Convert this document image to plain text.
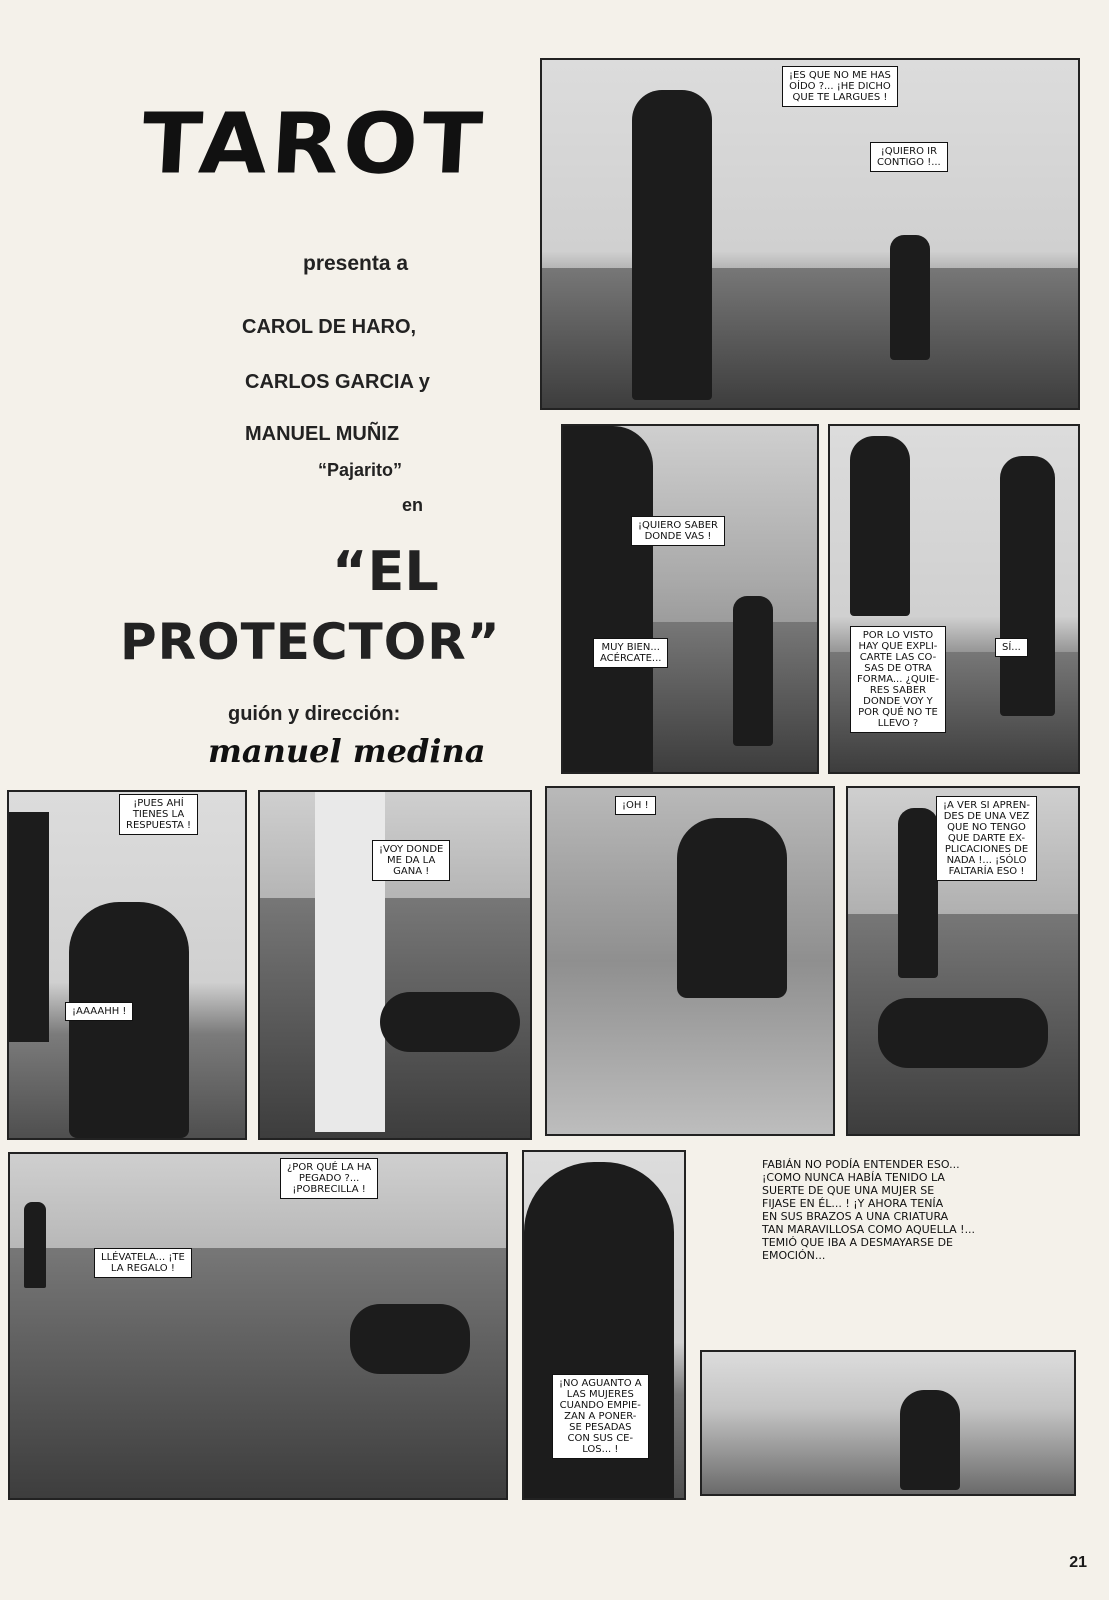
TAROT
presenta a
CAROL DE HARO,
CARLOS GARCIA y
MANUEL MUÑIZ
“Pajarito”
en
“EL
PROTECTOR”
guión y dirección:
manuel medina
¡ES QUE NO ME HAS
OÍDO ?... ¡HE DICHO
QUE TE LARGUES !
¡QUIERO IR
CONTIGO !...
¡QUIERO SABER
DONDE VAS !
MUY BIEN...
ACÉRCATE...
POR LO VISTO
HAY QUE EXPLI-
CARTE LAS CO-
SAS DE OTRA
FORMA... ¿QUIE-
RES SABER
DONDE VOY Y
POR QUÉ NO TE
LLEVO ?
SÍ...
¡PUES AHÍ
TIENES LA
RESPUESTA !
¡AAAAHH !
¡VOY DONDE
ME DA LA
GANA !
¡OH !	¡A VER SI APREN-
DES DE UNA VEZ
QUE NO TENGO
QUE DARTE EX-
PLICACIONES DE
NADA !... ¡SÓLO
FALTARÍA ESO !
¿POR QUÉ LA HA
PEGADO ?...
¡POBRECILLA !
LLÉVATELA... ¡TE
LA REGALO !
¡NO AGUANTO A
LAS MUJERES
CUANDO EMPIE-
ZAN A PONER-
SE PESADAS
CON SUS CE-
LOS... !
FABIÁN NO PODÍA ENTENDER ESO...
¡COMO NUNCA HABÍA TENIDO LA
SUERTE DE QUE UNA MUJER SE
FIJASE EN ÉL... ! ¡Y AHORA TENÍA
EN SUS BRAZOS A UNA CRIATURA
TAN MARAVILLOSA COMO AQUELLA !...
TEMIÓ QUE IBA A DESMAYARSE DE
EMOCIÓN...
21
